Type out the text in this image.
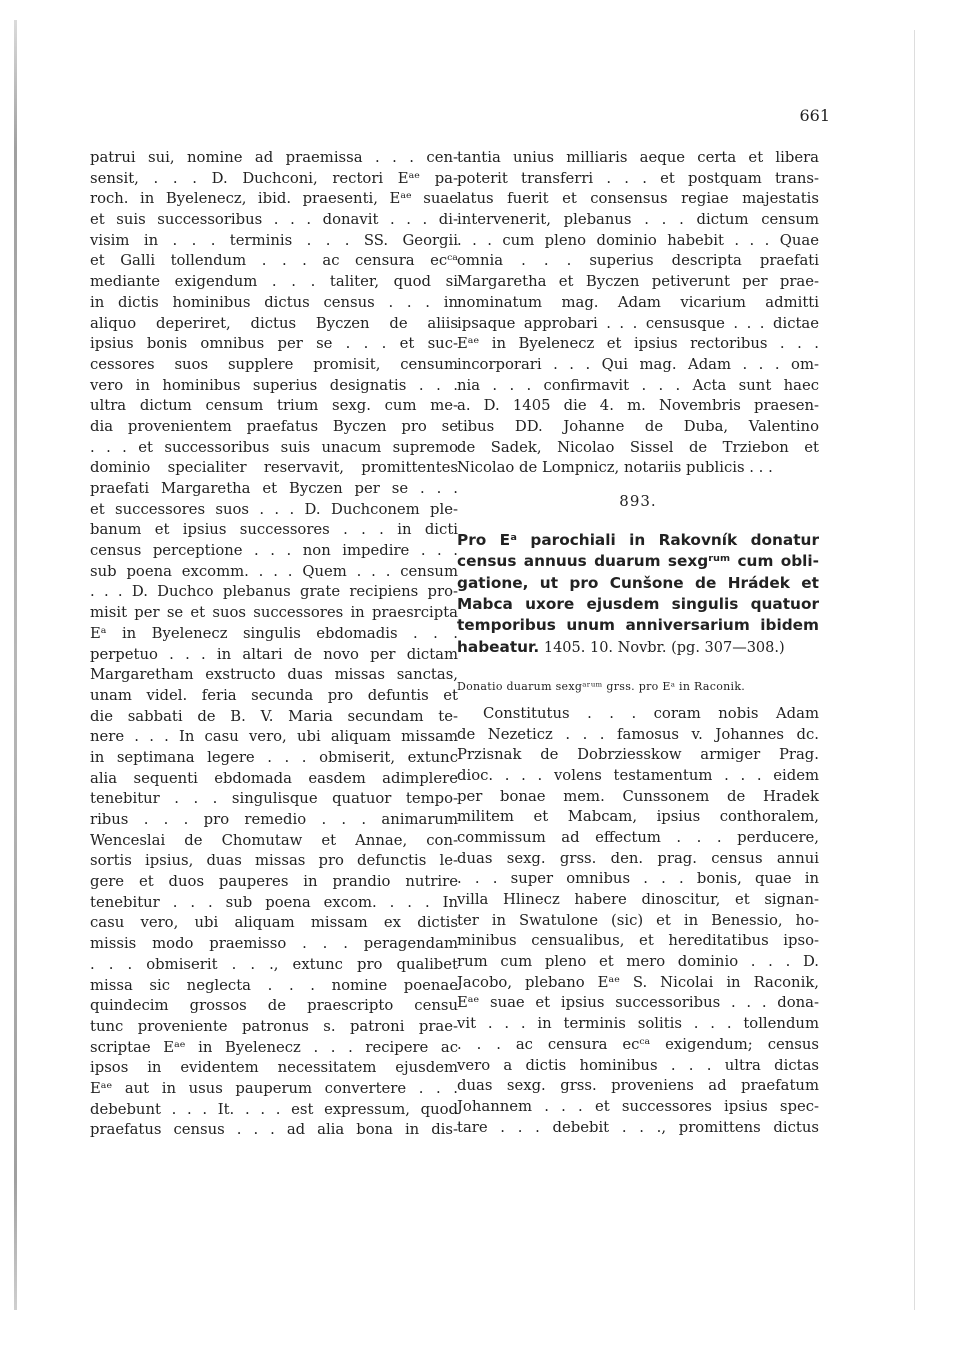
661
patrui sui, nomine ad praemissa . . . cen-
sensit, . . . D. Duchconi, rectori Eᵃᵉ pa-
roch. in Byelenecz, ibid. praesenti, Eᵃᵉ suae
et suis successoribus . . . donavit . . . di-
visim in . . . terminis . . . SS. Georgii
et Galli tollendum . . . ac censura ecᶜᵃ
mediante exigendum . . . taliter, quod si
in dictis hominibus dictus census . . . in
aliquo deperiret, dictus Byczen de aliis
ipsius bonis omnibus per se . . . et suc-
cessores suos supplere promisit, censum
vero in hominibus superius designatis . . .
ultra dictum censum trium sexg. cum me-
dia provenientem praefatus Byczen pro se
. . . et successoribus suis unacum supremo
dominio specialiter reservavit, promittentes
praefati Margaretha et Byczen per se . . .
et successores suos . . . D. Duchconem ple-
banum et ipsius successores . . . in dicti
census perceptione . . . non impedire . . .
sub poena excomm. . . . Quem . . . censum
. . . D. Duchco plebanus grate recipiens pro-
misit per se et suos successores in praesrcipta
Eᵃ in Byelenecz singulis ebdomadis . . .
perpetuo . . . in altari de novo per dictam
Margaretham exstructo duas missas sanctas,
unam videl. feria secunda pro defuntis et
die sabbati de B. V. Maria secundam te-
nere . . . In casu vero, ubi aliquam missam
in septimana legere . . . obmiserit, extunc
alia sequenti ebdomada easdem adimplere
tenebitur . . . singulisque quatuor tempo-
ribus . . . pro remedio . . . animarum
Wenceslai de Chomutaw et Annae, con-
sortis ipsius, duas missas pro defunctis le-
gere et duos pauperes in prandio nutrire
tenebitur . . . sub poena excom. . . . In
casu vero, ubi aliquam missam ex dictis
missis modo praemisso . . . peragendam
. . . obmiserit . . ., extunc pro qualibet
missa sic neglecta . . . nomine poenae
quindecim grossos de praescripto censu
tunc proveniente patronus s. patroni prae-
scriptae Eᵃᵉ in Byelenecz . . . recipere ac
ipsos in evidentem necessitatem ejusdem
Eᵃᵉ aut in usus pauperum convertere . . .
debebunt . . . It. . . . est expressum, quod
praefatus census . . . ad alia bona in dis-
tantia unius milliaris aeque certa et libera
poterit transferri . . . et postquam trans-
latus fuerit et consensus regiae majestatis
intervenerit, plebanus . . . dictum censum
. . . cum pleno dominio habebit . . . Quae
omnia . . . superius descripta praefati
Margaretha et Byczen petiverunt per prae-
nominatum mag. Adam vicarium admitti
ipsaque approbari . . . censusque . . . dictae
Eᵃᵉ in Byelenecz et ipsius rectoribus . . .
incorporari . . . Qui mag. Adam . . . om-
nia . . . confirmavit . . . Acta sunt haec
a. D. 1405 die 4. m. Novembris praesen-
tibus DD. Johanne de Duba, Valentino
de Sadek, Nicolao Sissel de Trziebon et
Nicolao de Lompnicz, notariis publicis . . .
893.
Pro Eᵃ parochiali in Rakovník donatur
census annuus duarum sexgʳᵘᵐ cum obli-
gatione, ut pro Cunšone de Hrádek et
Mabca uxore ejusdem singulis quatuor
temporibus unum anniversarium ibidem
habeatur. 1405. 10. Novbr. (pg. 307—308.)
Donatio duarum sexgᵃʳᵘᵐ grss. pro Eᵃ in Raconik.
Constitutus . . . coram nobis Adam
de Nezeticz . . . famosus v. Johannes dc.
Przisnak de Dobrziesskow armiger Prag.
dioc. . . . volens testamentum . . . eidem
per bonae mem. Cunssonem de Hradek
militem et Mabcam, ipsius conthoralem,
commissum ad effectum . . . perducere,
duas sexg. grss. den. prag. census annui
. . . super omnibus . . . bonis, quae in
villa Hlinecz habere dinoscitur, et signan-
ter in Swatulone (sic) et in Benessio, ho-
minibus censualibus, et hereditatibus ipso-
rum cum pleno et mero dominio . . . D.
Jacobo, plebano Eᵃᵉ S. Nicolai in Raconik,
Eᵃᵉ suae et ipsius successoribus . . . dona-
vit . . . in terminis solitis . . . tollendum
. . . ac censura ecᶜᵃ exigendum; census
vero a dictis hominibus . . . ultra dictas
duas sexg. grss. proveniens ad praefatum
Johannem . . . et successores ipsius spec-
tare . . . debebit . . ., promittens dictus
